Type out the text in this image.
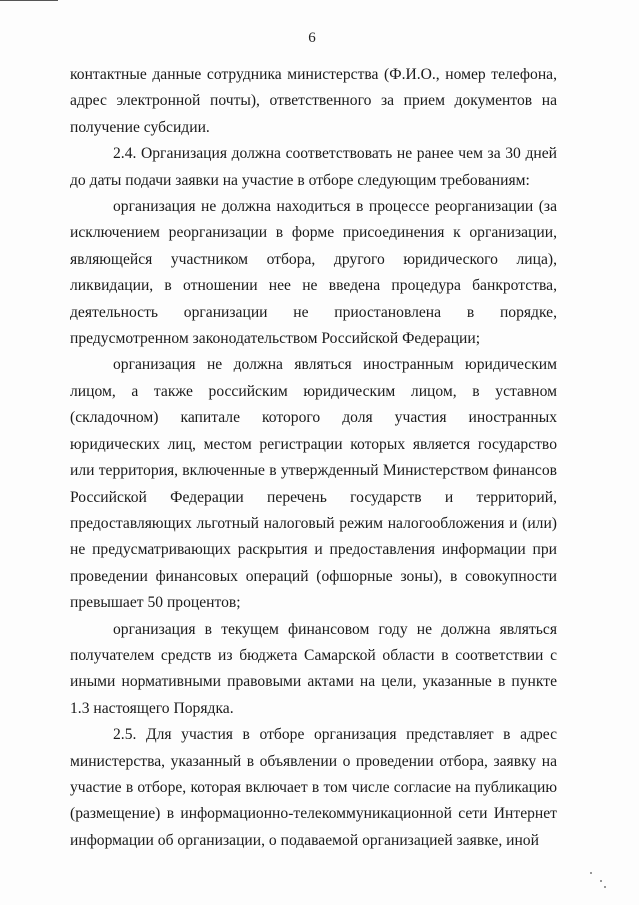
6

контактные данные сотрудника министерства (Ф.И.О., номер телефона, адрес электронной почты), ответственного за прием документов на получение субсидии.

2.4. Организация должна соответствовать не ранее чем за 30 дней до даты подачи заявки на участие в отборе следующим требованиям:

организация не должна находиться в процессе реорганизации (за исключением реорганизации в форме присоединения к организации, являющейся участником отбора, другого юридического лица), ликвидации, в отношении нее не введена процедура банкротства, деятельность организации не приостановлена в порядке, предусмотренном законодательством Российской Федерации;

организация не должна являться иностранным юридическим лицом, а также российским юридическим лицом, в уставном (складочном) капитале которого доля участия иностранных юридических лиц, местом регистрации которых является государство или территория, включенные в утвержденный Министерством финансов Российской Федерации перечень государств и территорий, предоставляющих льготный налоговый режим налогообложения и (или) не предусматривающих раскрытия и предоставления информации при проведении финансовых операций (офшорные зоны), в совокупности превышает 50 процентов;

организация в текущем финансовом году не должна являться получателем средств из бюджета Самарской области в соответствии с иными нормативными правовыми актами на цели, указанные в пункте 1.3 настоящего Порядка.

2.5. Для участия в отборе организация представляет в адрес министерства, указанный в объявлении о проведении отбора, заявку на участие в отборе, которая включает в том числе согласие на публикацию (размещение) в информационно-телекоммуникационной сети Интернет информации об организации, о подаваемой организацией заявке, иной
